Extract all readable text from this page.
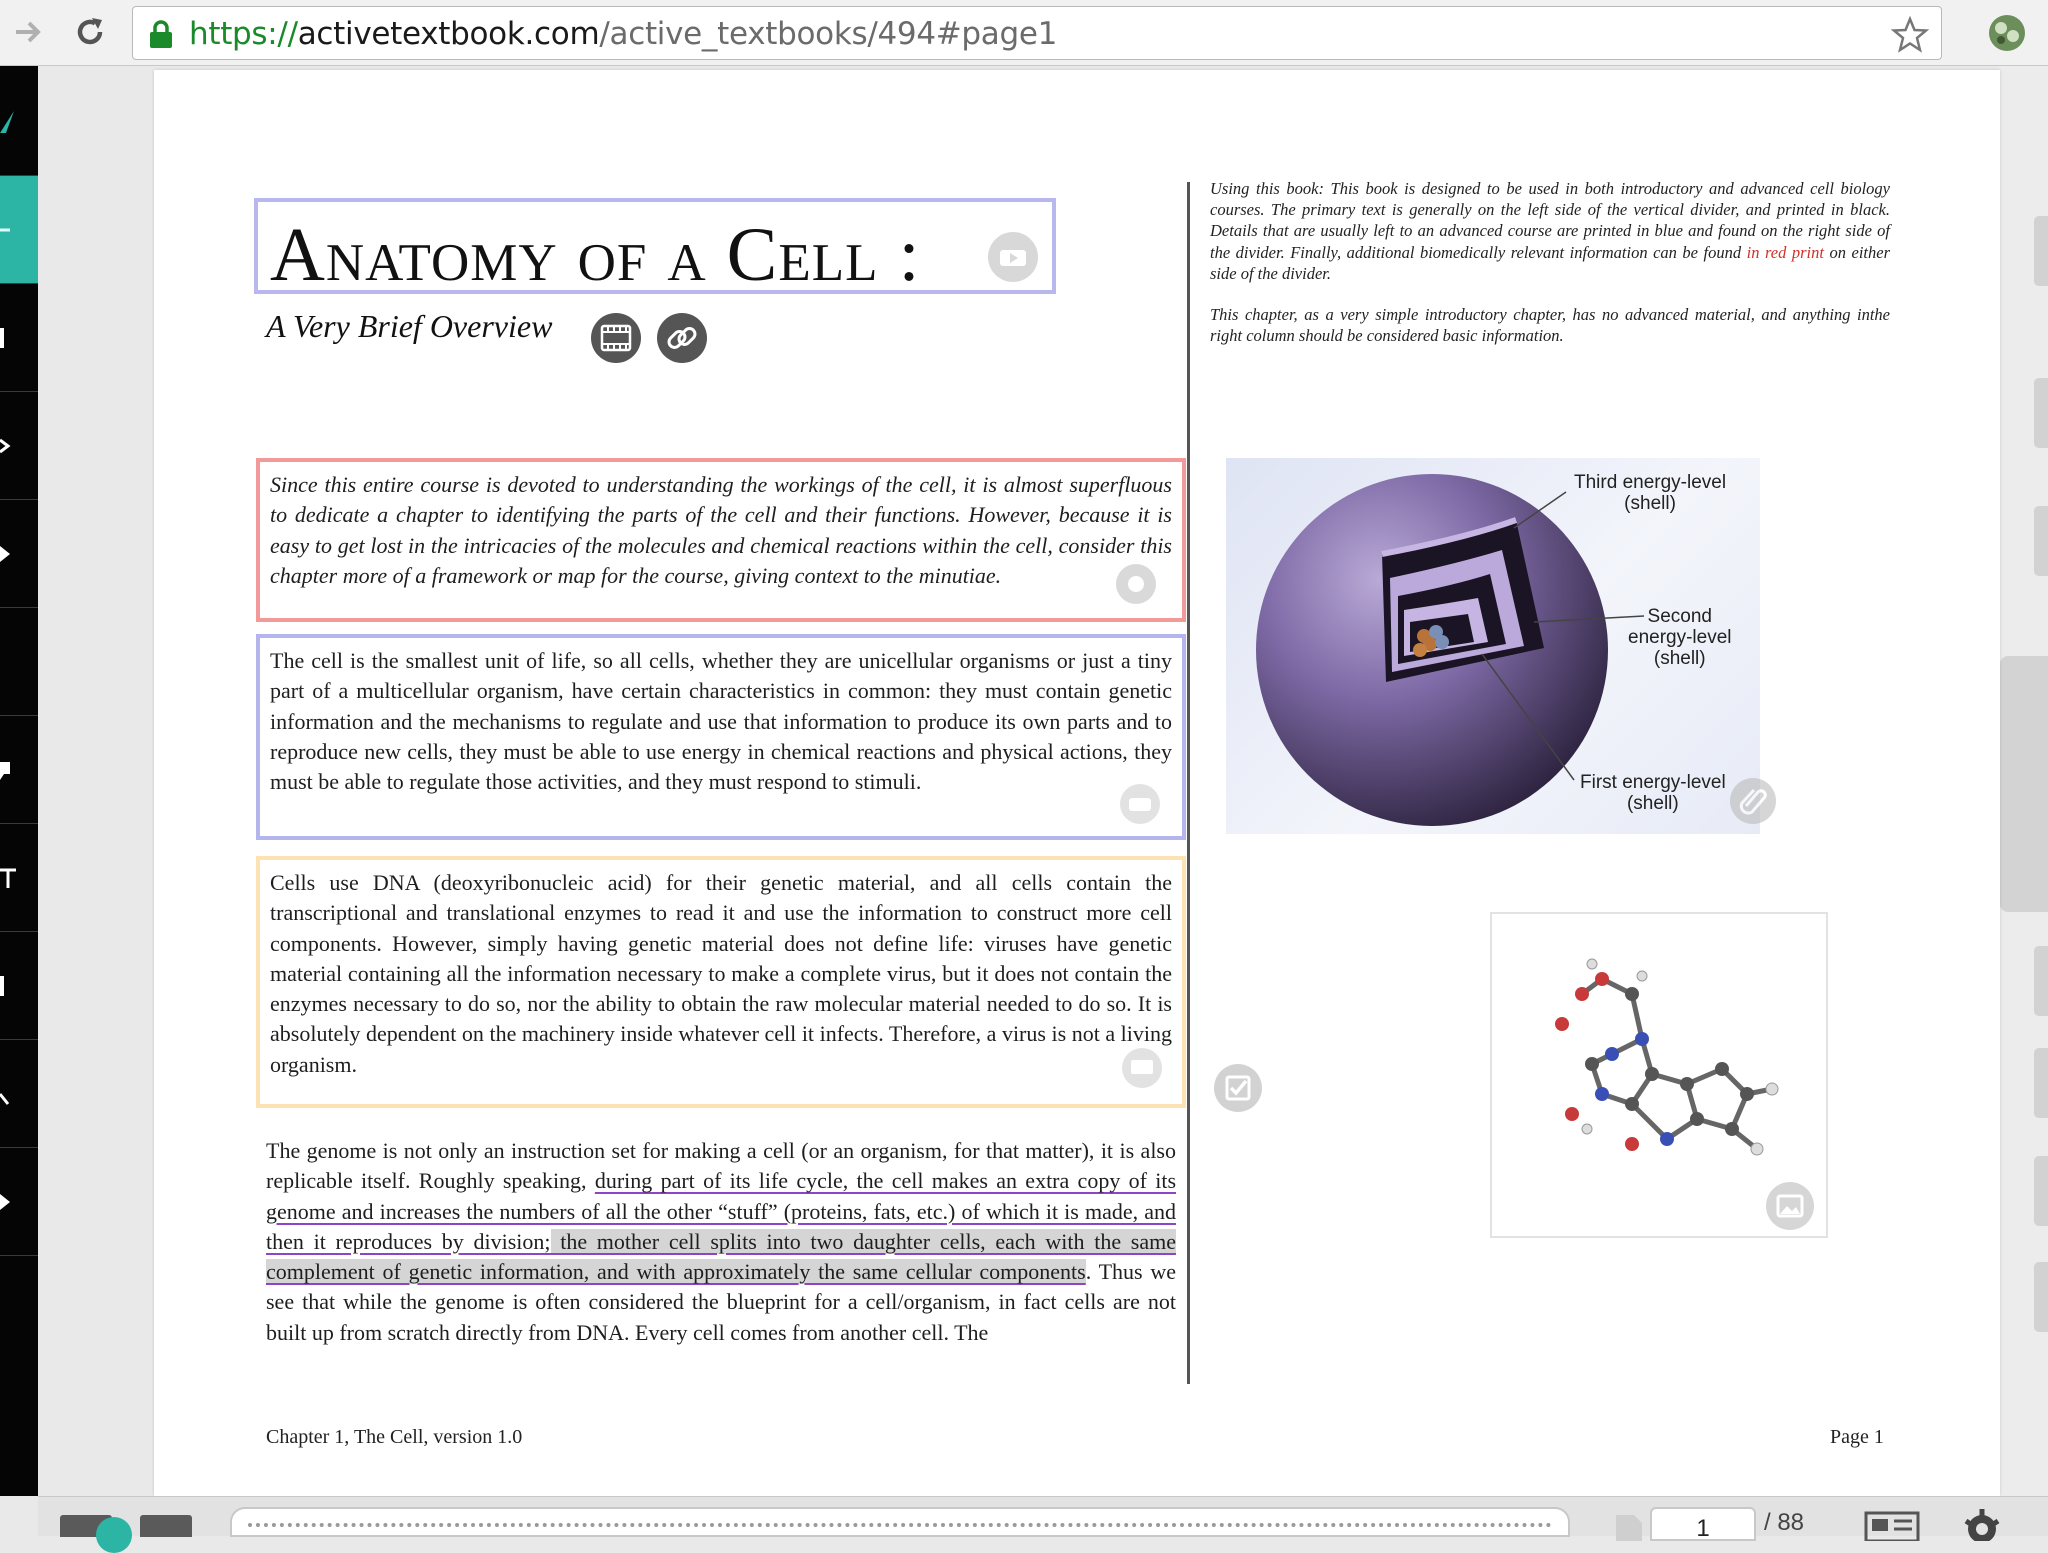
https://activetextbook.com/active_textbooks/494#page1
Anatomy of a Cell :
A Very Brief Overview

Since this entire course is devoted to understanding the workings of the cell, it is almost superfluous to dedicate a chapter to identifying the parts of the cell and their functions. However, because it is easy to get lost in the intricacies of the molecules and chemical reactions within the cell, consider this chapter more of a framework or map for the course, giving context to the minutiae.

The cell is the smallest unit of life, so all cells, whether they are unicellular organisms or just a tiny part of a multicellular organism, have certain characteristics in common: they must contain genetic information and the mechanisms to regulate and use that information to produce its own parts and to reproduce new cells, they must be able to use energy in chemical reactions and physical actions, they must be able to regulate those activities, and they must respond to stimuli.

Cells use DNA (deoxyribonucleic acid) for their genetic material, and all cells contain the transcriptional and translational enzymes to read it and use the information to construct more cell components. However, simply having genetic material does not define life: viruses have genetic material containing all the information necessary to make a complete virus, but it does not contain the enzymes necessary to do so, nor the ability to obtain the raw molecular material needed to do so. It is absolutely dependent on the machinery inside whatever cell it infects. Therefore, a virus is not a living organism.

The genome is not only an instruction set for making a cell (or an organism, for that matter), it is also replicable itself. Roughly speaking, during part of its life cycle, the cell makes an extra copy of its genome and increases the numbers of all the other “stuff” (proteins, fats, etc.) of which it is made, and then it reproduces by division; the mother cell splits into two daughter cells, each with the same complement of genetic information, and with approximately the same cellular components. Thus we see that while the genome is often considered the blueprint for a cell/organism, in fact cells are not built up from scratch directly from DNA. Every cell comes from another cell. The
Chapter 1, The Cell, version 1.0	Page 1

Using this book: This book is designed to be used in both introductory and advanced cell biology courses. The primary text is generally on the left side of the vertical divider, and printed in black. Details that are usually left to an advanced course are printed in blue and found on the right side of the divider. Finally, additional biomedically relevant information can be found in red print on either side of the divider.

This chapter, as a very simple introductory chapter, has no advanced material, and anything inthe right column should be considered basic information.

Third energy-level
(shell)
Second
energy-level
(shell)
First energy-level
(shell)
1	/ 88
